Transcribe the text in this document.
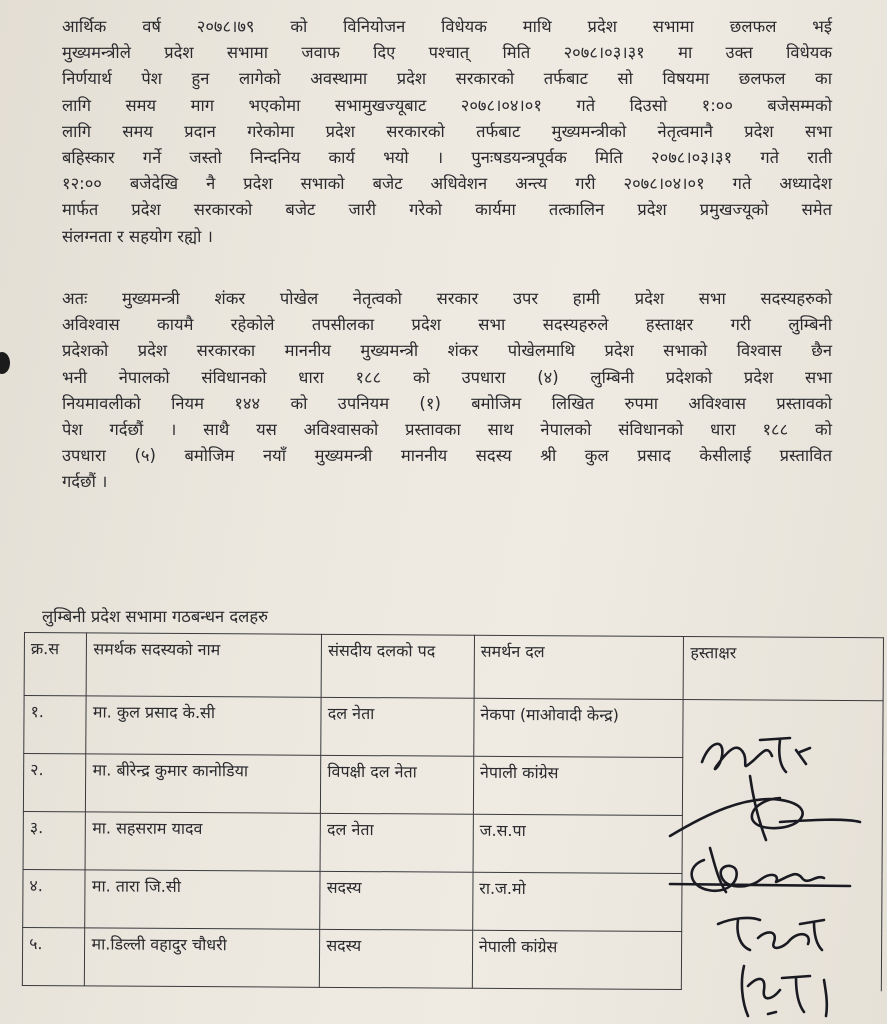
आर्थिक वर्ष २०७८।७९ को विनियोजन विधेयक माथि प्रदेश सभामा छलफल भई
मुख्यमन्त्रीले प्रदेश सभामा जवाफ दिए पश्चात् मिति २०७८।०३।३१ मा उक्त विधेयक
निर्णयार्थ पेश हुन लागेको अवस्थामा प्रदेश सरकारको तर्फबाट सो विषयमा छलफल का
लागि समय माग भएकोमा सभामुखज्यूबाट २०७८।०४।०१ गते दिउसो १:०० बजेसम्मको
लागि समय प्रदान गरेकोमा प्रदेश सरकारको तर्फबाट मुख्यमन्त्रीको नेतृत्वमानै प्रदेश सभा
बहिस्कार गर्ने जस्तो निन्दनिय कार्य भयो । पुनःषडयन्त्रपूर्वक मिति २०७८।०३।३१ गते राती
१२:०० बजेदेखि नै प्रदेश सभाको बजेट अधिवेशन अन्त्य गरी २०७८।०४।०१ गते अध्यादेश
मार्फत प्रदेश सरकारको बजेट जारी गरेको कार्यमा तत्कालिन प्रदेश प्रमुखज्यूको समेत
संलग्नता र सहयोग रह्यो ।

अतः मुख्यमन्त्री शंकर पोखेल नेतृत्वको सरकार उपर हामी प्रदेश सभा सदस्यहरुको
अविश्वास कायमै रहेकोले तपसीलका प्रदेश सभा सदस्यहरुले हस्ताक्षर गरी लुम्बिनी
प्रदेशको प्रदेश सरकारका माननीय मुख्यमन्त्री शंकर पोखेलमाथि प्रदेश सभाको विश्वास छैन
भनी नेपालको संविधानको धारा १८८ को उपधारा (४) लुम्बिनी प्रदेशको प्रदेश सभा
नियमावलीको नियम १४४ को उपनियम (१) बमोजिम लिखित रुपमा अविश्वास प्रस्तावको
पेश गर्दछौं । साथै यस अविश्वासको प्रस्तावका साथ नेपालको संविधानको धारा १८८ को
उपधारा (५) बमोजिम नयाँ मुख्यमन्त्री माननीय सदस्य श्री कुल प्रसाद केसीलाई प्रस्तावित
गर्दछौं ।

लुम्बिनी प्रदेश सभामा गठबन्धन दलहरु
क्र.स	समर्थक सदस्यको नाम	संसदीय दलको पद	समर्थन दल	हस्ताक्षर
१.	मा. कुल प्रसाद के.सी	दल नेता	नेकपा (माओवादी केन्द्र)	
२.	मा. बीरेन्द्र कुमार कानोडिया	विपक्षी दल नेता	नेपाली कांग्रेस	
३.	मा. सहसराम यादव	दल नेता	ज.स.पा	
४.	मा. तारा जि.सी	सदस्य	रा.ज.मो	
५.	मा.डिल्ली वहादुर चौधरी	सदस्य	नेपाली कांग्रेस	
